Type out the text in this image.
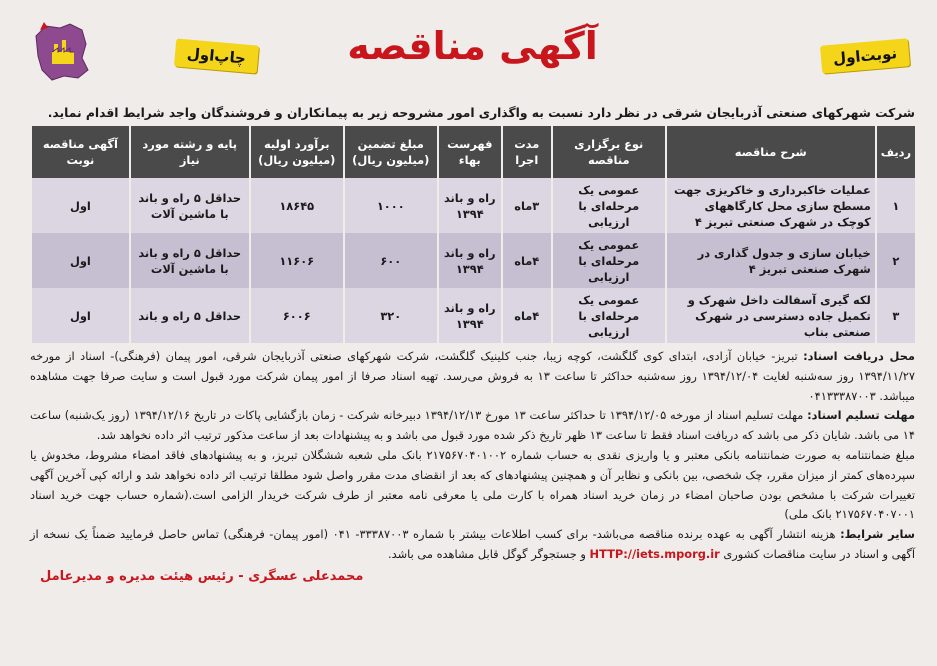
نوبت‌اول
آگهی مناقصه
چاپ‌اول
شرکت شهرکهای صنعتی آذربایجان شرقی در نظر دارد نسبت به واگذاری امور مشروحه زیر به پیمانکاران و فروشندگان واجد شرایط اقدام نماید.
ردیف	شرح مناقصه	نوع برگزاری مناقصه	مدت اجرا	فهرست بهاء	مبلغ تضمین (میلیون ریال)	برآورد اولیه (میلیون ریال)	پایه و رشته مورد نیاز	آگهی مناقصه نوبت
۱	عملیات خاکبرداری و خاکریزی جهت مسطح سازی محل کارگاههای کوچک در شهرک صنعتی تبریز ۴	عمومی یک مرحله‌ای با ارزیابی	۳ماه	راه و باند ۱۳۹۴	۱۰۰۰	۱۸۶۴۵	حداقل ۵ راه و باند با ماشین آلات	اول
۲	خیابان سازی و جدول گذاری در شهرک صنعتی تبریز ۴	عمومی یک مرحله‌ای با ارزیابی	۴ماه	راه و باند ۱۳۹۴	۶۰۰	۱۱۶۰۶	حداقل ۵ راه و باند با ماشین آلات	اول
۳	لکه گیری آسفالت داخل شهرک و تکمیل جاده دسترسی در شهرک صنعتی بناب	عمومی یک مرحله‌ای با ارزیابی	۴ماه	راه و باند ۱۳۹۴	۳۲۰	۶۰۰۶	حداقل ۵ راه و باند	اول

محل دریافت اسناد: تبریز- خیابان آزادی، ابتدای کوی گلگشت، کوچه زیبا، جنب کلینیک گلگشت، شرکت شهرکهای صنعتی آذربایجان شرقی، امور پیمان (فرهنگی)- اسناد از مورخه ۱۳۹۴/۱۱/۲۷ روز سه‌شنبه لغایت ۱۳۹۴/۱۲/۰۴ روز سه‌شنبه حداکثر تا ساعت ۱۳ به فروش می‌رسد. تهیه اسناد صرفا از امور پیمان شرکت مورد قبول است و سایت صرفا جهت مشاهده میباشد. ۰۴۱۳۳۳۸۷۰۰۳

مهلت تسلیم اسناد: مهلت تسلیم اسناد از مورخه ۱۳۹۴/۱۲/۰۵ تا حداکثر ساعت ۱۳ مورخ ۱۳۹۴/۱۲/۱۳ دبیرخانه شرکت - زمان بازگشایی پاکات در تاریخ ۱۳۹۴/۱۲/۱۶ (روز یک‌شنبه) ساعت ۱۴ می باشد. شایان ذکر می باشد که دریافت اسناد فقط تا ساعت ۱۳ ظهر تاریخ ذکر شده مورد قبول می باشد و به پیشنهادات بعد از ساعت مذکور ترتیب اثر داده نخواهد شد.

مبلغ ضمانتنامه به صورت ضمانتنامه بانکی معتبر و یا واریزی نقدی به حساب شماره ۲۱۷۵۶۷۰۴۰۱۰۰۲ بانک ملی شعبه ششگلان تبریز، و به پیشنهادهای فاقد امضاء مشروط، مخدوش یا سپرده‌های کمتر از میزان مقرر، چک شخصی، بین بانکی و نظایر آن و همچنین پیشنهادهای که بعد از انقضای مدت مقرر واصل شود مطلقا ترتیب اثر داده نخواهد شد و ارائه کپی آخرین آگهی تغییرات شرکت با مشخص بودن صاحبان امضاء در زمان خرید اسناد همراه با کارت ملی یا معرفی نامه معتبر از طرف شرکت خریدار الزامی است.(شماره حساب جهت خرید اسناد ۲۱۷۵۶۷۰۴۰۷۰۰۱ بانک ملی)

سایر شرایط: هزینه انتشار آگهی به عهده برنده مناقصه می‌باشد- برای کسب اطلاعات بیشتر با شماره ۳۳۳۸۷۰۰۳- ۰۴۱ (امور پیمان- فرهنگی) تماس حاصل فرمایید ضمناً یک نسخه از آگهی و اسناد در سایت مناقصات کشوری HTTP://iets.mporg.ir و جستجوگر گوگل قابل مشاهده می باشد.

محمدعلی عسگری - رئیس هیئت مدیره و مدیرعامل
